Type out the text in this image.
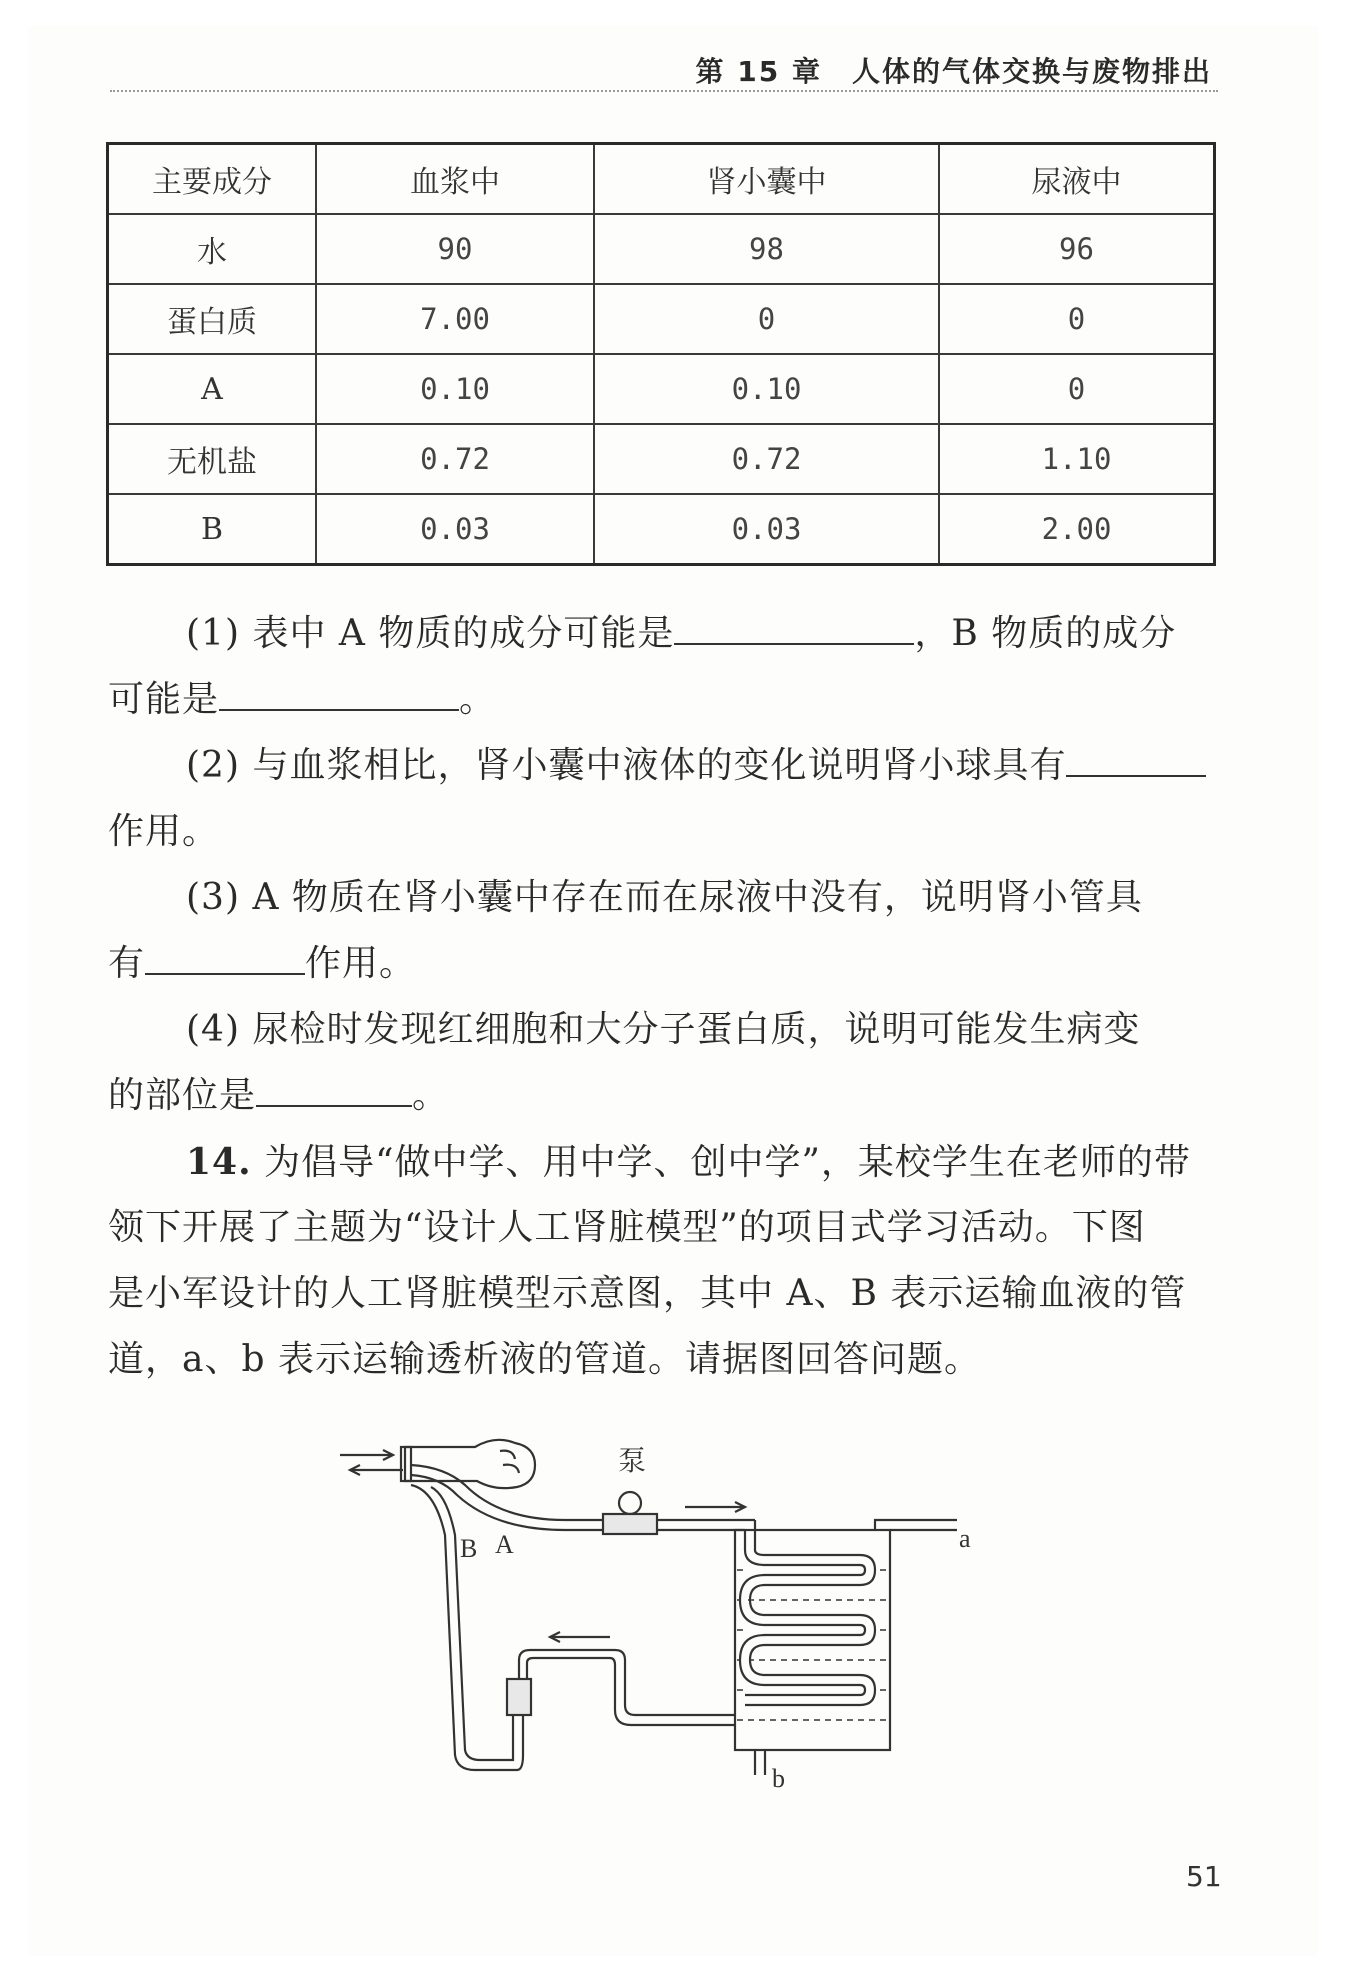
第 15 章　人体的气体交换与废物排出
主要成分	血浆中	肾小囊中	尿液中
水	90	98	96
蛋白质	7.00	0	0
A	0.10	0.10	0
无机盐	0.72	0.72	1.10
B	0.03	0.03	2.00
(1) 表中 A 物质的成分可能是	，B 物质的成分
可能是	。
(2) 与血浆相比，肾小囊中液体的变化说明肾小球具有
作用。
(3) A 物质在肾小囊中存在而在尿液中没有，说明肾小管具
有	作用。
(4) 尿检时发现红细胞和大分子蛋白质，说明可能发生病变
的部位是	。
14. 为倡导“做中学、用中学、创中学”，某校学生在老师的带
领下开展了主题为“设计人工肾脏模型”的项目式学习活动。下图
是小军设计的人工肾脏模型示意图，其中 A、B 表示运输血液的管
道，a、b 表示运输透析液的管道。请据图回答问题。
泵
B A	a
b
51
